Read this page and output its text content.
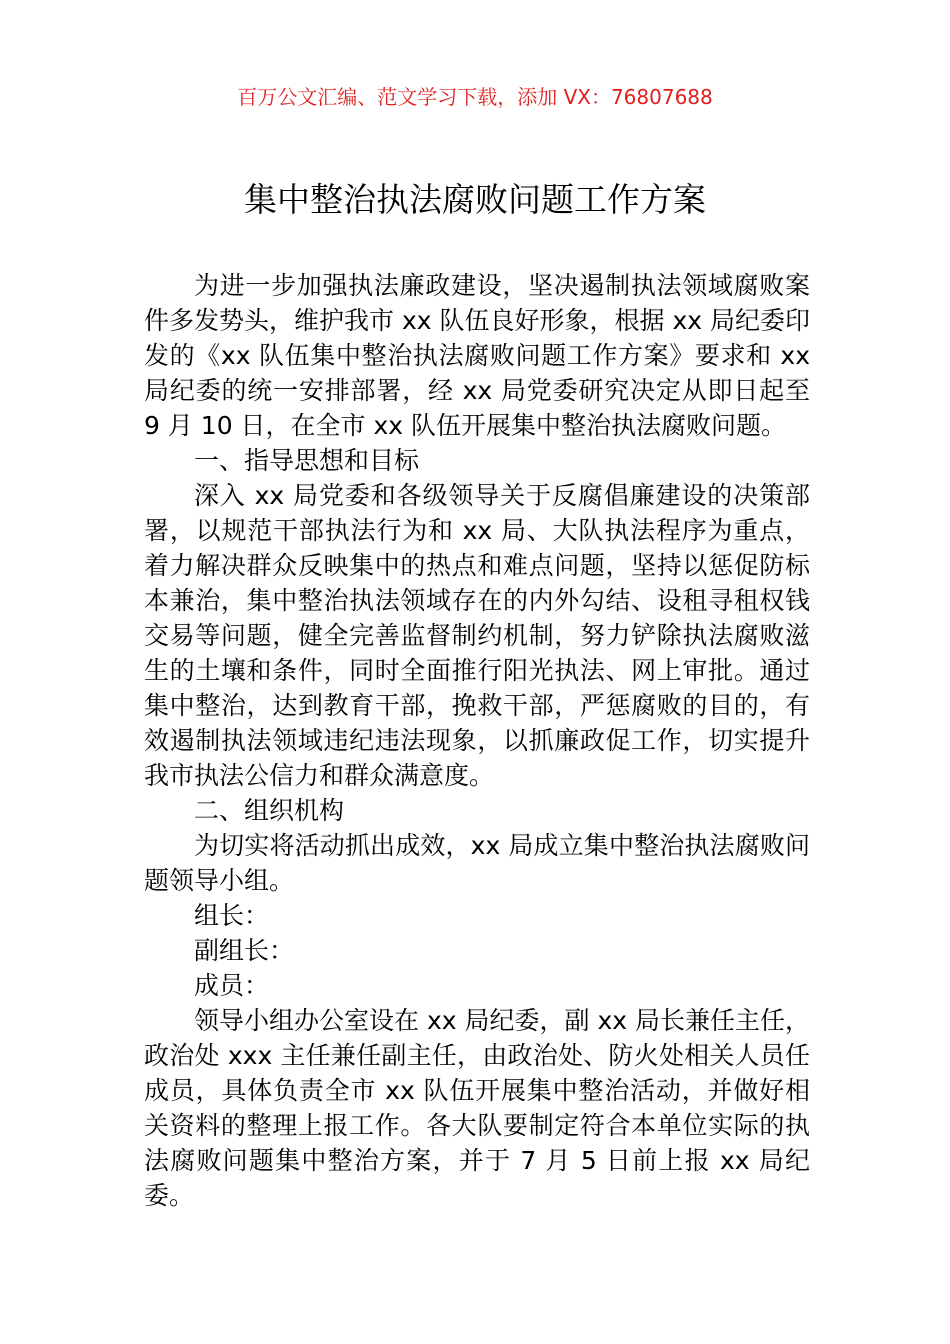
百万公文汇编、范文学习下载，添加 VX：76807688
集中整治执法腐败问题工作方案

为进一步加强执法廉政建设，坚决遏制执法领域腐败案件多发势头，维护我市 xx 队伍良好形象，根据 xx 局纪委印发的《xx 队伍集中整治执法腐败问题工作方案》要求和 xx 局纪委的统一安排部署，经 xx 局党委研究决定从即日起至 9 月 10 日，在全市 xx 队伍开展集中整治执法腐败问题。

一、指导思想和目标

深入 xx 局党委和各级领导关于反腐倡廉建设的决策部署，以规范干部执法行为和 xx 局、大队执法程序为重点，着力解决群众反映集中的热点和难点问题，坚持以惩促防标本兼治，集中整治执法领域存在的内外勾结、设租寻租权钱交易等问题，健全完善监督制约机制，努力铲除执法腐败滋生的土壤和条件，同时全面推行阳光执法、网上审批。通过集中整治，达到教育干部，挽救干部，严惩腐败的目的，有效遏制执法领域违纪违法现象，以抓廉政促工作，切实提升我市执法公信力和群众满意度。

二、组织机构

为切实将活动抓出成效，xx 局成立集中整治执法腐败问题领导小组。

组长：

副组长：

成员：

领导小组办公室设在 xx 局纪委，副 xx 局长兼任主任，政治处 xxx 主任兼任副主任，由政治处、防火处相关人员任成员，具体负责全市 xx 队伍开展集中整治活动，并做好相关资料的整理上报工作。各大队要制定符合本单位实际的执法腐败问题集中整治方案，并于 7 月 5 日前上报 xx 局纪委。
